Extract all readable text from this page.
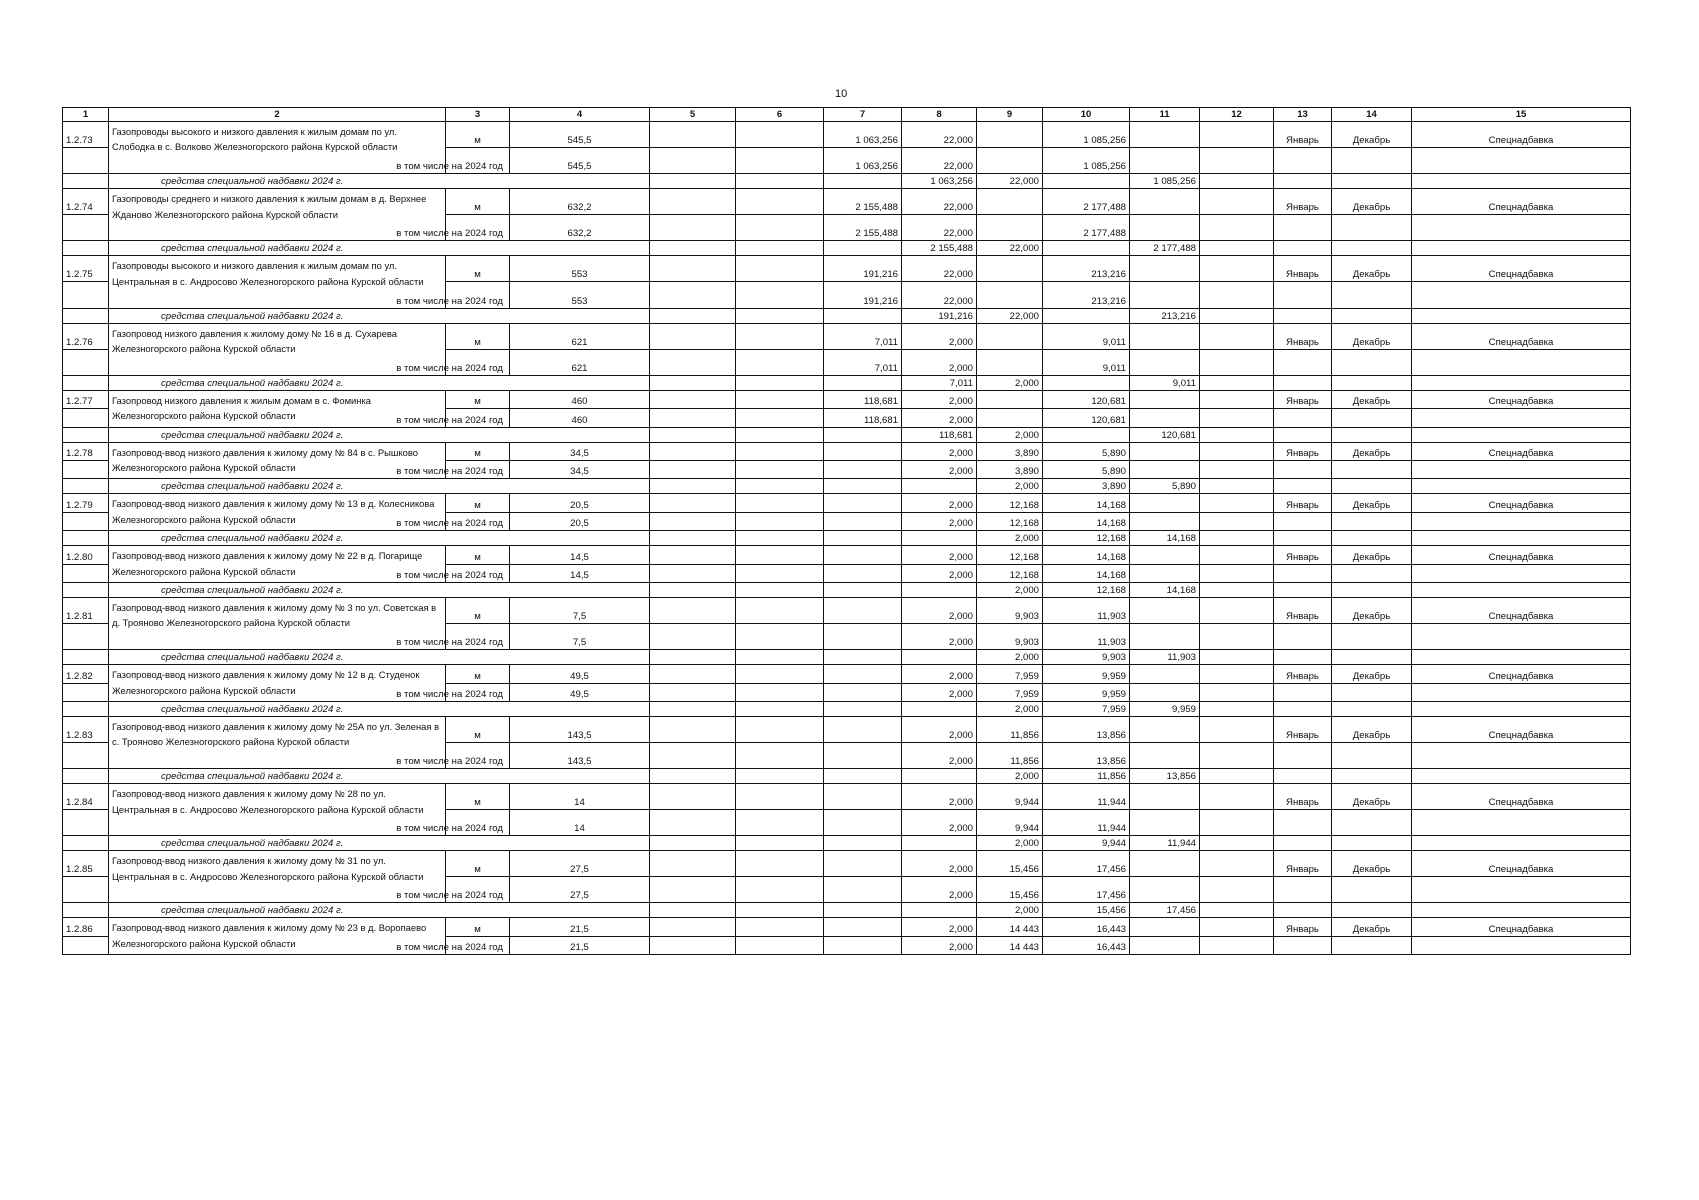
10
1	2	3	4	5	6	7	8	9	10	11	12	13	14	15	
1.2.73	Газопроводы высокого и низкого давления к жилым домам по ул. Слободка в с. Волково Железногорского района Курской области	м	545,5			1 063,256	22,000		1 085,256			Январь	Декабрь	Спецнадбавка	
		в том числе на 2024 год	545,5			1 063,256	22,000		1 085,256						
	средства специальной надбавки 2024 г.						1 063,256	22,000		1 085,256					
1.2.74	Газопроводы среднего и низкого давления к жилым домам в д. Верхнее Жданово Железногорского района Курской области	м	632,2			2 155,488	22,000		2 177,488			Январь	Декабрь	Спецнадбавка	
		в том числе на 2024 год	632,2			2 155,488	22,000		2 177,488						
	средства специальной надбавки 2024 г.						2 155,488	22,000		2 177,488					
1.2.75	Газопроводы высокого и низкого давления к жилым домам по ул. Центральная в с. Андросово Железногорского района Курской области	м	553			191,216	22,000		213,216			Январь	Декабрь	Спецнадбавка	
		в том числе на 2024 год	553			191,216	22,000		213,216						
	средства специальной надбавки 2024 г.						191,216	22,000		213,216					
1.2.76	Газопровод низкого давления к жилому дому № 16 в д. Сухарева Железногорского района Курской области	м	621			7,011	2,000		9,011			Январь	Декабрь	Спецнадбавка	
		в том числе на 2024 год	621			7,011	2,000		9,011						
	средства специальной надбавки 2024 г.						7,011	2,000		9,011					
1.2.77	Газопровод низкого давления к жилым домам в с. Фоминка Железногорского района Курской области	м	460			118,681	2,000		120,681			Январь	Декабрь	Спецнадбавка	
		в том числе на 2024 год	460			118,681	2,000		120,681						
	средства специальной надбавки 2024 г.						118,681	2,000		120,681					
1.2.78	Газопровод-ввод низкого давления к жилому дому № 84 в с. Рышково Железногорского района Курской области	м	34,5				2,000	3,890	5,890			Январь	Декабрь	Спецнадбавка	
		в том числе на 2024 год	34,5				2,000	3,890	5,890						
	средства специальной надбавки 2024 г.							2,000	3,890	5,890					
1.2.79	Газопровод-ввод низкого давления к жилому дому № 13 в д. Колесникова Железногорского района Курской области	м	20,5				2,000	12,168	14,168			Январь	Декабрь	Спецнадбавка	
		в том числе на 2024 год	20,5				2,000	12,168	14,168						
	средства специальной надбавки 2024 г.							2,000	12,168	14,168					
1.2.80	Газопровод-ввод низкого давления к жилому дому № 22 в д. Погарище Железногорского района Курской области	м	14,5				2,000	12,168	14,168			Январь	Декабрь	Спецнадбавка	
		в том числе на 2024 год	14,5				2,000	12,168	14,168						
	средства специальной надбавки 2024 г.							2,000	12,168	14,168					
1.2.81	Газопровод-ввод низкого давления к жилому дому № 3 по ул. Советская в д. Трояново Железногорского района Курской области	м	7,5				2,000	9,903	11,903			Январь	Декабрь	Спецнадбавка	
		в том числе на 2024 год	7,5				2,000	9,903	11,903						
	средства специальной надбавки 2024 г.							2,000	9,903	11,903					
1.2.82	Газопровод-ввод низкого давления к жилому дому № 12 в д. Студенок Железногорского района Курской области	м	49,5				2,000	7,959	9,959			Январь	Декабрь	Спецнадбавка	
		в том числе на 2024 год	49,5				2,000	7,959	9,959						
	средства специальной надбавки 2024 г.							2,000	7,959	9,959					
1.2.83	Газопровод-ввод низкого давления к жилому дому № 25А по ул. Зеленая в с. Трояново Железногорского района Курской области	м	143,5				2,000	11,856	13,856			Январь	Декабрь	Спецнадбавка	
		в том числе на 2024 год	143,5				2,000	11,856	13,856						
	средства специальной надбавки 2024 г.							2,000	11,856	13,856					
1.2.84	Газопровод-ввод низкого давления к жилому дому № 28 по ул. Центральная в с. Андросово Железногорского района Курской области	м	14				2,000	9,944	11,944			Январь	Декабрь	Спецнадбавка	
		в том числе на 2024 год	14				2,000	9,944	11,944						
	средства специальной надбавки 2024 г.							2,000	9,944	11,944					
1.2.85	Газопровод-ввод низкого давления к жилому дому № 31 по ул. Центральная в с. Андросово Железногорского района Курской области	м	27,5				2,000	15,456	17,456			Январь	Декабрь	Спецнадбавка	
		в том числе на 2024 год	27,5				2,000	15,456	17,456						
	средства специальной надбавки 2024 г.							2,000	15,456	17,456					
1.2.86	Газопровод-ввод низкого давления к жилому дому № 23 в д. Воропаево Железногорского района Курской области	м	21,5				2,000	14 443	16,443			Январь	Декабрь	Спецнадбавка	
		в том числе на 2024 год	21,5				2,000	14 443	16,443						
